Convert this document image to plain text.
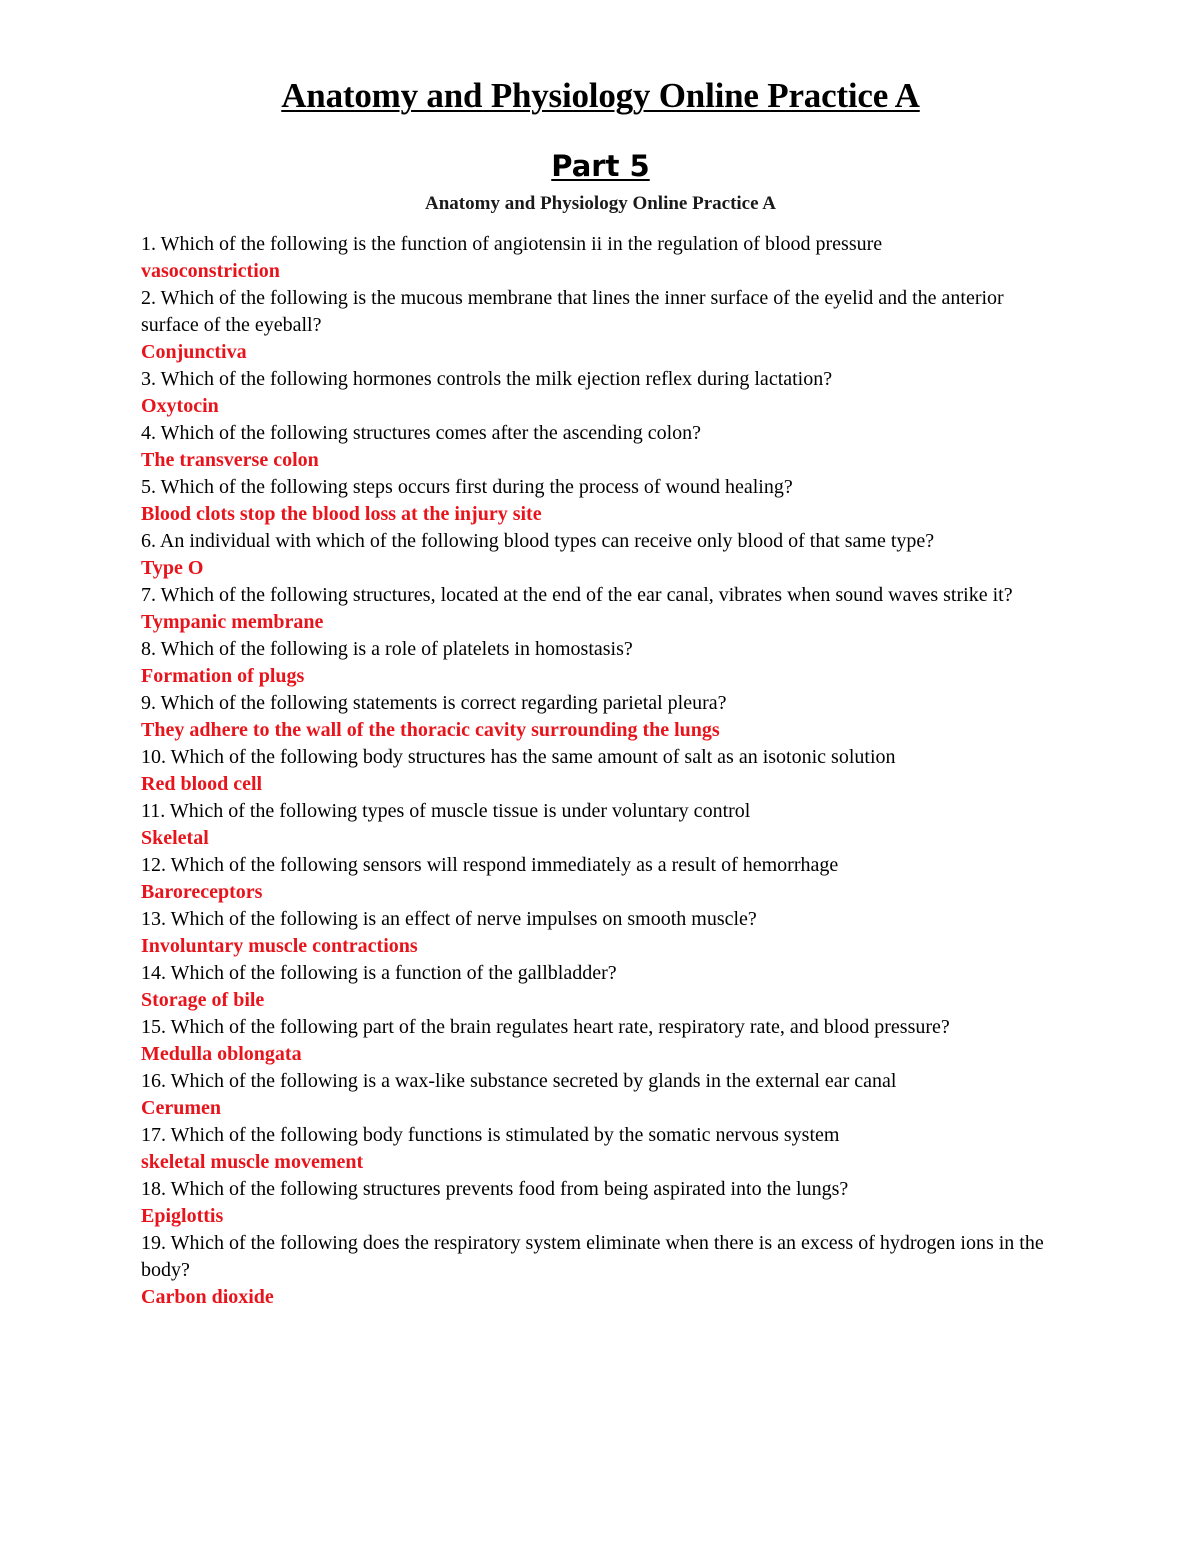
Anatomy and Physiology Online Practice A
Part 5
Anatomy and Physiology Online Practice A

1. Which of the following is the function of angiotensin ii in the regulation of blood pressure

vasoconstriction

2. Which of the following is the mucous membrane that lines the inner surface of the eyelid and the anterior surface of the eyeball?

Conjunctiva

3. Which of the following hormones controls the milk ejection reflex during lactation?

Oxytocin

4. Which of the following structures comes after the ascending colon?

The transverse colon

5. Which of the following steps occurs first during the process of wound healing?

Blood clots stop the blood loss at the injury site

6. An individual with which of the following blood types can receive only blood of that same type?

Type O

7. Which of the following structures, located at the end of the ear canal, vibrates when sound waves strike it?

Tympanic membrane

8. Which of the following is a role of platelets in homostasis?

Formation of plugs

9. Which of the following statements is correct regarding parietal pleura?

They adhere to the wall of the thoracic cavity surrounding the lungs

10. Which of the following body structures has the same amount of salt as an isotonic solution

Red blood cell

11. Which of the following types of muscle tissue is under voluntary control

Skeletal

12. Which of the following sensors will respond immediately as a result of hemorrhage

Baroreceptors

13. Which of the following is an effect of nerve impulses on smooth muscle?

Involuntary muscle contractions

14. Which of the following is a function of the gallbladder?

Storage of bile

15. Which of the following part of the brain regulates heart rate, respiratory rate, and blood pressure?

Medulla oblongata

16. Which of the following is a wax-like substance secreted by glands in the external ear canal

Cerumen

17. Which of the following body functions is stimulated by the somatic nervous system

skeletal muscle movement

18. Which of the following structures prevents food from being aspirated into the lungs?

Epiglottis

19. Which of the following does the respiratory system eliminate when there is an excess of hydrogen ions in the body?

Carbon dioxide
